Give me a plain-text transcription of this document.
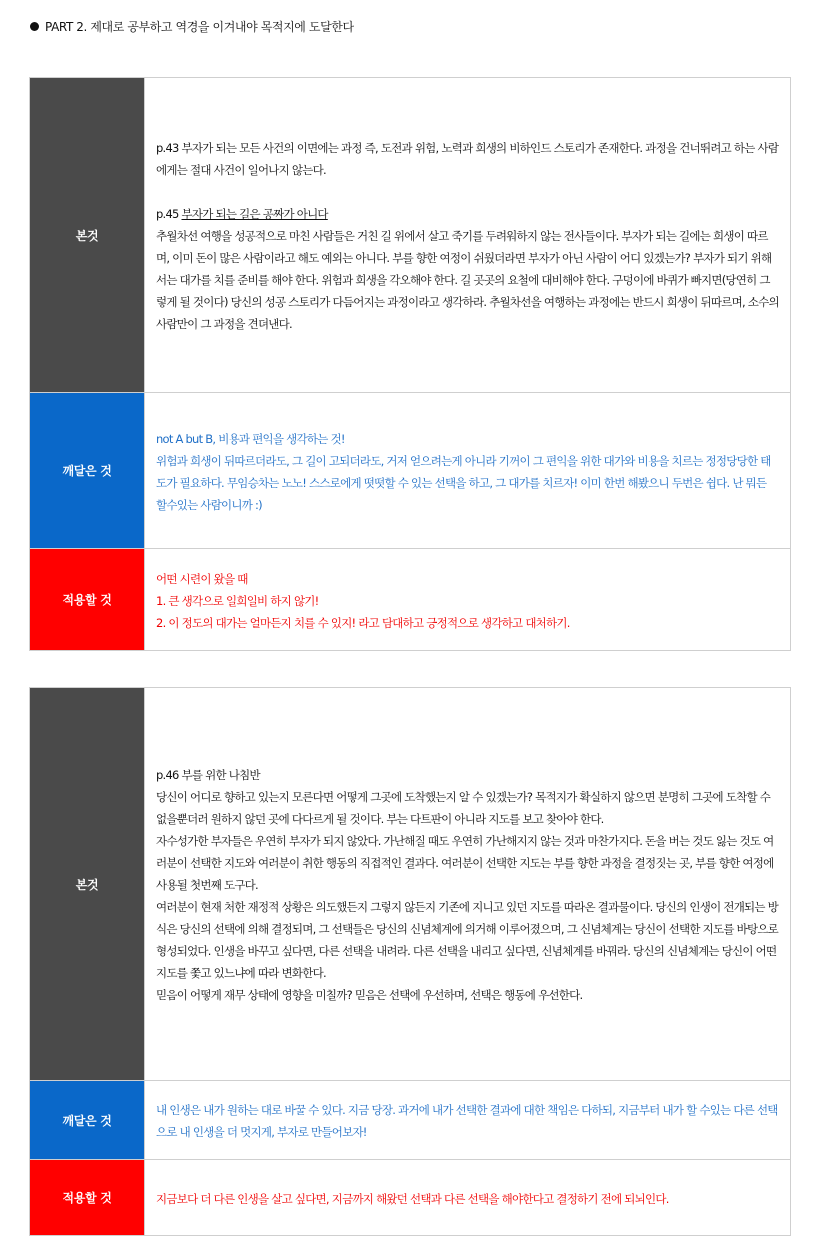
PART 2. 제대로 공부하고 역경을 이겨내야 목적지에 도달한다
본것	p.43 부자가 되는 모든 사건의 이면에는 과정 즉, 도전과 위험, 노력과 희생의 비하인드 스토리가 존재한다. 과정을 건너뛰려고 하는 사람에게는 절대 사건이 일어나지 않는다.
p.45 부자가 되는 길은 공짜가 아니다
추월차선 여행을 성공적으로 마친 사람들은 거친 길 위에서 살고 죽기를 두려워하지 않는 전사들이다. 부자가 되는 길에는 희생이 따르며, 이미 돈이 많은 사람이라고 해도 예외는 아니다. 부를 향한 여정이 쉬웠더라면 부자가 아닌 사람이 어디 있겠는가? 부자가 되기 위해서는 대가를 치를 준비를 해야 한다. 위험과 희생을 각오해야 한다. 길 곳곳의 요철에 대비해야 한다. 구덩이에 바퀴가 빠지면(당연히 그렇게 될 것이다) 당신의 성공 스토리가 다듬어지는 과정이라고 생각하라. 추월차선을 여행하는 과정에는 반드시 희생이 뒤따르며, 소수의 사람만이 그 과정을 견뎌낸다.

깨달은 것	not A but B, 비용과 편익을 생각하는 것!
위험과 희생이 뒤따르더라도, 그 길이 고되더라도, 거저 얻으려는게 아니라 기꺼이 그 편익을 위한 대가와 비용을 치르는 정정당당한 태도가 필요하다. 무임승차는 노노! 스스로에게 떳떳할 수 있는 선택을 하고, 그 대가를 치르자! 이미 한번 해봤으니 두번은 쉽다. 난 뭐든 할수있는 사람이니까 :)

적용할 것	어떤 시련이 왔을 때
1. 큰 생각으로 일희일비 하지 않기!
2. 이 정도의 대가는 얼마든지 치를 수 있지! 라고 담대하고 긍정적으로 생각하고 대처하기.
본것	p.46 부를 위한 나침반
당신이 어디로 향하고 있는지 모른다면 어떻게 그곳에 도착했는지 알 수 있겠는가? 목적지가 확실하지 않으면 분명히 그곳에 도착할 수 없을뿐더러 원하지 않던 곳에 다다르게 될 것이다. 부는 다트판이 아니라 지도를 보고 찾아야 한다.
자수성가한 부자들은 우연히 부자가 되지 않았다. 가난해질 때도 우연히 가난해지지 않는 것과 마찬가지다. 돈을 버는 것도 잃는 것도 여러분이 선택한 지도와 여러분이 취한 행동의 직접적인 결과다. 여러분이 선택한 지도는 부를 향한 과정을 결정짓는 곳, 부를 향한 여정에 사용될 첫번째 도구다.
여러분이 현재 처한 재정적 상황은 의도했든지 그렇지 않든지 기존에 지니고 있던 지도를 따라온 결과물이다. 당신의 인생이 전개되는 방식은 당신의 선택에 의해 결정되며, 그 선택들은 당신의 신념체계에 의거해 이루어졌으며, 그 신념체계는 당신이 선택한 지도를 바탕으로 형성되었다. 인생을 바꾸고 싶다면, 다른 선택을 내려라. 다른 선택을 내리고 싶다면, 신념체계를 바꿔라. 당신의 신념체계는 당신이 어떤 지도를 쫓고 있느냐에 따라 변화한다.
믿음이 어떻게 재무 상태에 영향을 미칠까? 믿음은 선택에 우선하며, 선택은 행동에 우선한다.

깨달은 것	내 인생은 내가 원하는 대로 바꿀 수 있다. 지금 당장. 과거에 내가 선택한 결과에 대한 책임은 다하되, 지금부터 내가 할 수있는 다른 선택으로 내 인생을 더 멋지게, 부자로 만들어보자!

적용할 것	지금보다 더 다른 인생을 살고 싶다면, 지금까지 해왔던 선택과 다른 선택을 해야한다고 결정하기 전에 되뇌인다.
